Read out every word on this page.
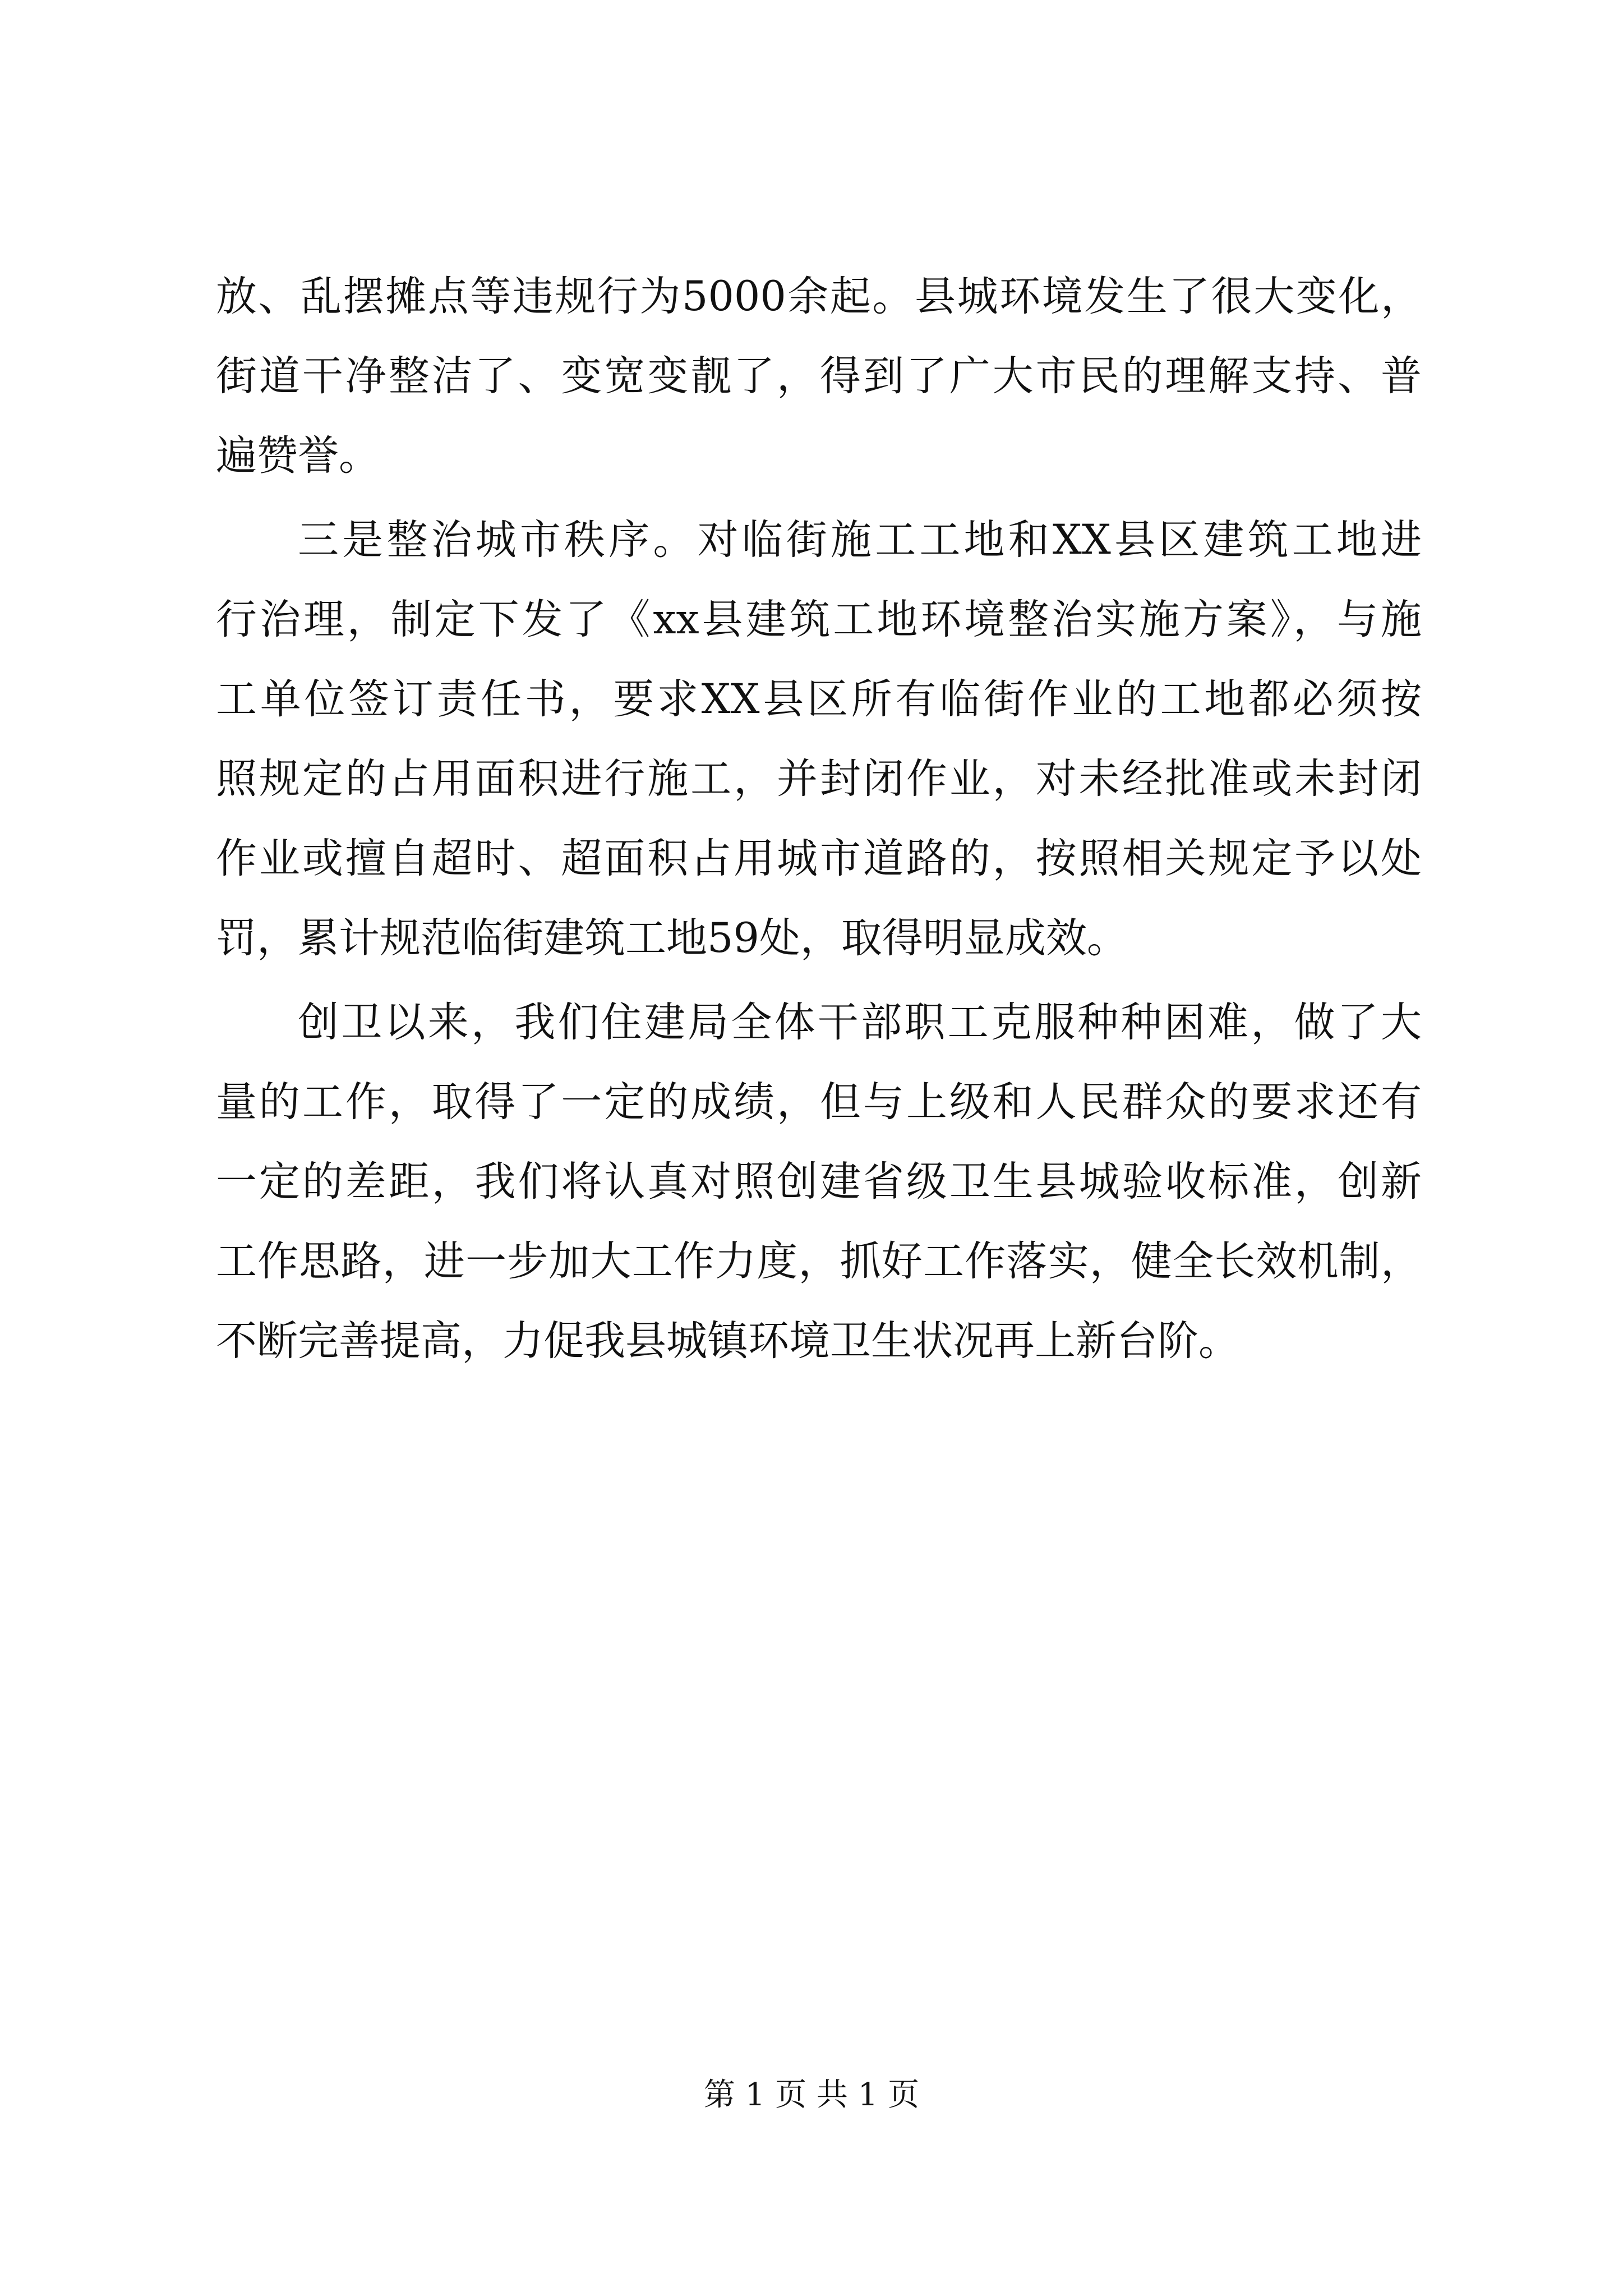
放、乱摆摊点等违规行为5000余起。县城环境发生了很大变化，
街道干净整洁了、变宽变靓了，得到了广大市民的理解支持、普
遍赞誉。
三是整治城市秩序。对临街施工工地和XX县区建筑工地进
行治理，制定下发了《xx县建筑工地环境整治实施方案》，与施
工单位签订责任书，要求XX县区所有临街作业的工地都必须按
照规定的占用面积进行施工，并封闭作业，对未经批准或未封闭
作业或擅自超时、超面积占用城市道路的，按照相关规定予以处
罚，累计规范临街建筑工地59处，取得明显成效。
创卫以来，我们住建局全体干部职工克服种种困难，做了大
量的工作，取得了一定的成绩，但与上级和人民群众的要求还有
一定的差距，我们将认真对照创建省级卫生县城验收标准，创新
工作思路，进一步加大工作力度，抓好工作落实，健全长效机制，
不断完善提高，力促我县城镇环境卫生状况再上新台阶。
第 1 页 共 1 页
